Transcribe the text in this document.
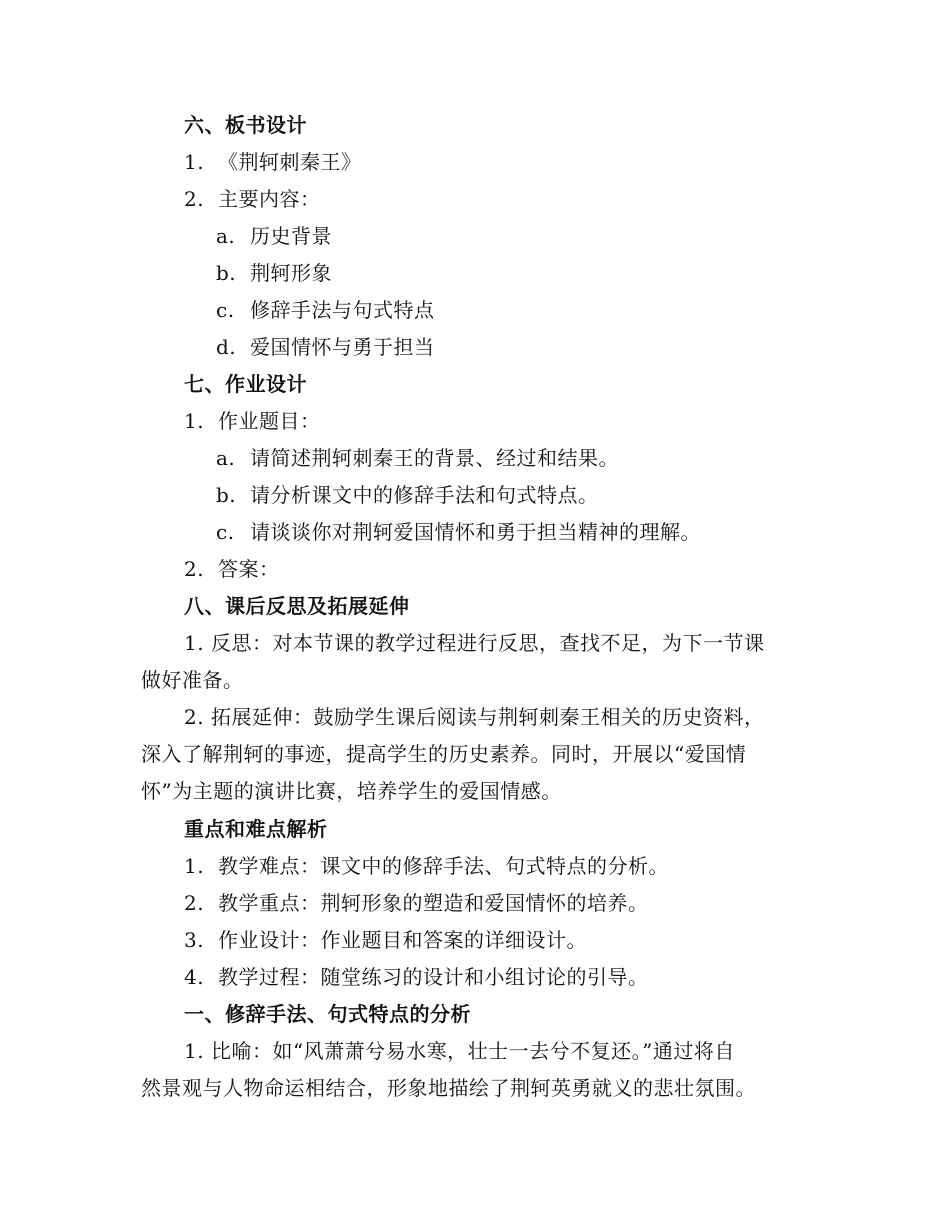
六、板书设计
1. 《荆轲刺秦王》
2. 主要内容：
a. 历史背景
b. 荆轲形象
c. 修辞手法与句式特点
d. 爱国情怀与勇于担当
七、作业设计
1. 作业题目：
a. 请简述荆轲刺秦王的背景、经过和结果。
b. 请分析课文中的修辞手法和句式特点。
c. 请谈谈你对荆轲爱国情怀和勇于担当精神的理解。
2. 答案：
八、课后反思及拓展延伸
1. 反思：对本节课的教学过程进行反思，查找不足，为下一节课
做好准备。
2. 拓展延伸：鼓励学生课后阅读与荆轲刺秦王相关的历史资料，
深入了解荆轲的事迹，提高学生的历史素养。同时，开展以“爱国情
怀”为主题的演讲比赛，培养学生的爱国情感。
重点和难点解析
1. 教学难点：课文中的修辞手法、句式特点的分析。
2. 教学重点：荆轲形象的塑造和爱国情怀的培养。
3. 作业设计：作业题目和答案的详细设计。
4. 教学过程：随堂练习的设计和小组讨论的引导。
一、修辞手法、句式特点的分析
1. 比喻：如“风萧萧兮易水寒，壮士一去兮不复还。”通过将自
然景观与人物命运相结合，形象地描绘了荆轲英勇就义的悲壮氛围。
